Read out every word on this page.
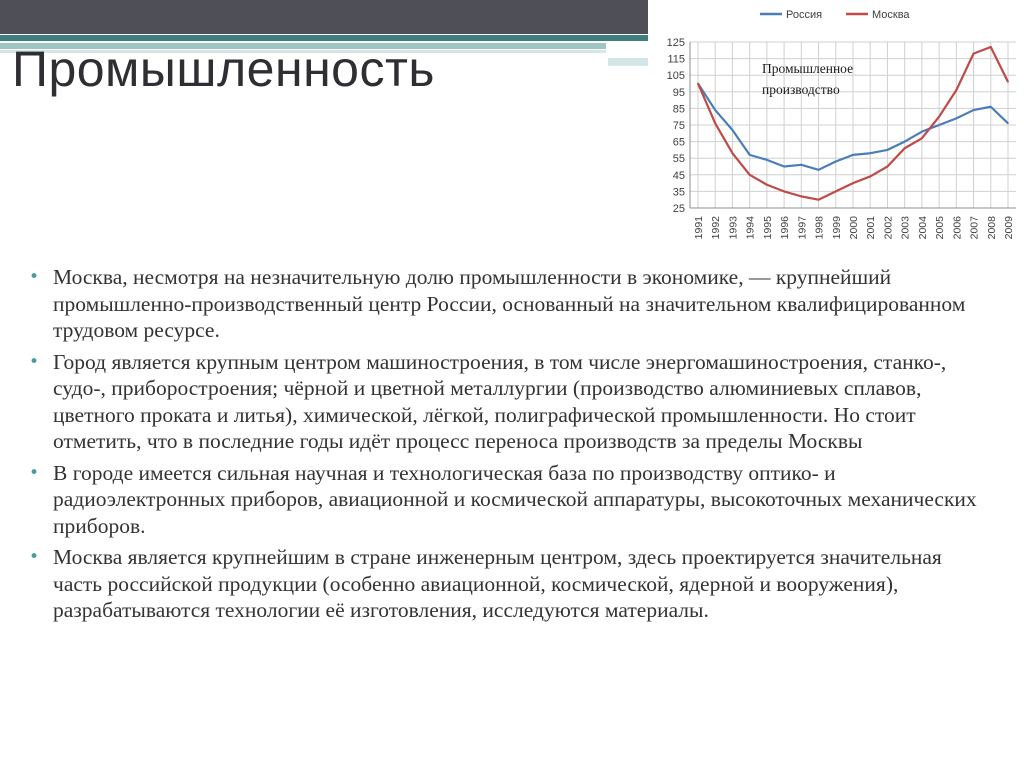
Промышленность
25
35
45
55
65
75
85
95
105
115
125
1991 1992 1993 1994 1995 1996 1997 1998 1999 2000 2001 2002 2003 2004 2005 2006 2007 2008 2009
Россия	Москва
Промышленное
производство
• Москва, несмотря на незначительную долю промышленности в экономике, — крупнейший промышленно-производственный центр России, основанный на значительном квалифицированном трудовом ресурсе.
• Город является крупным центром машиностроения, в том числе энергомашиностроения, станко-, судо-, приборостроения; чёрной и цветной металлургии (производство алюминиевых сплавов, цветного проката и литья), химической, лёгкой, полиграфической промышленности. Но стоит отметить, что в последние годы идёт процесс переноса производств за пределы Москвы
• В городе имеется сильная научная и технологическая база по производству оптико- и радиоэлектронных приборов, авиационной и космической аппаратуры, высокоточных механических приборов.
• Москва является крупнейшим в стране инженерным центром, здесь проектируется значительная часть российской продукции (особенно авиационной, космической, ядерной и вооружения), разрабатываются технологии её изготовления, исследуются материалы.
